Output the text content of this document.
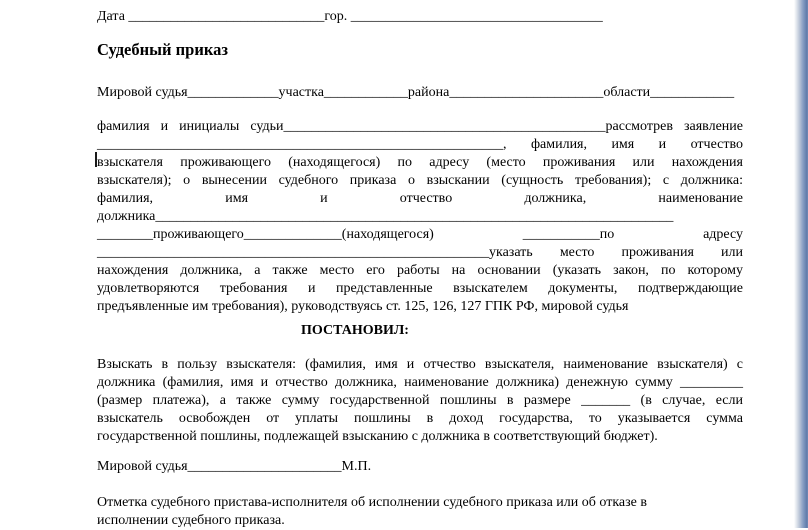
Дата ____________________________гор. ____________________________________
Судебный приказ
Мировой судья_____________участка____________района______________________области____________
фамилия и инициалы судьи______________________________________________рассмотрев заявление
__________________________________________________________, фамилия, имя и отчество
взыскателя проживающего (находящегося) по адресу (место проживания или нахождения
взыскателя); о вынесении судебного приказа о взыскании (сущность требования); с должника:
фамилия, имя и отчество должника, наименование
должника__________________________________________________________________________
________проживающего______________(находящегося) ___________по адресу
________________________________________________________указать место проживания или
нахождения должника, а также место его работы на основании (указать закон, по которому
удовлетворяются требования и представленные взыскателем документы, подтверждающие
предъявленные им требования), руководствуясь ст. 125, 126, 127 ГПК РФ, мировой судья
ПОСТАНОВИЛ:
Взыскать в пользу взыскателя: (фамилия, имя и отчество взыскателя, наименование взыскателя) с
должника (фамилия, имя и отчество должника, наименование должника) денежную сумму _________
(размер платежа), а также сумму государственной пошлины в размере _______ (в случае, если
взыскатель освобожден от уплаты пошлины в доход государства, то указывается сумма
государственной пошлины, подлежащей взысканию с должника в соответствующий бюджет).
Мировой судья______________________М.П.
Отметка судебного пристава-исполнителя об исполнении судебного приказа или об отказе в
исполнении судебного приказа.
